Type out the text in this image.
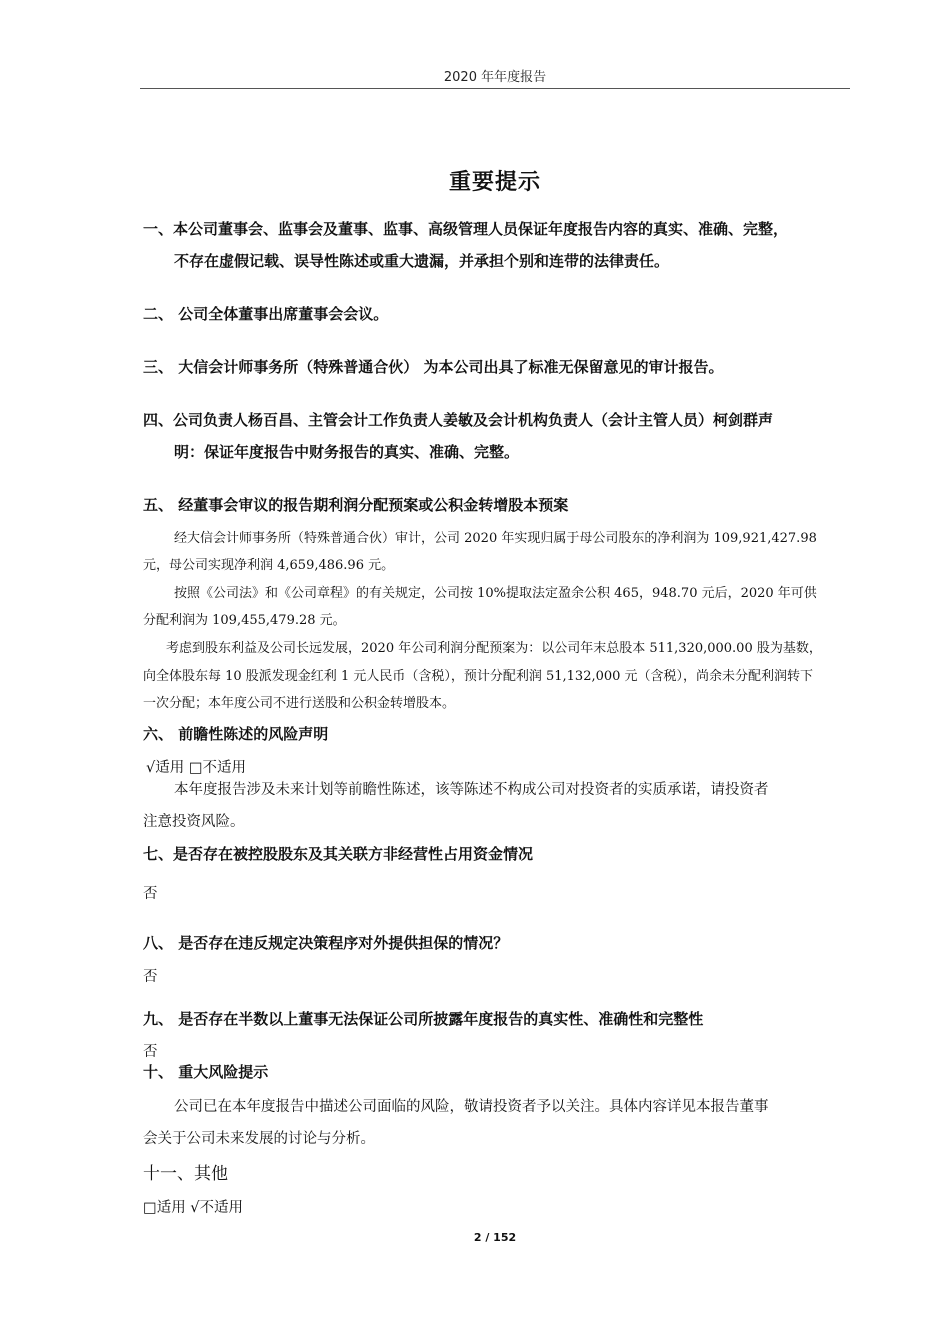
2020 年年度报告
重要提示
一、本公司董事会、监事会及董事、监事、高级管理人员保证年度报告内容的真实、准确、完整，
不存在虚假记载、误导性陈述或重大遗漏，并承担个别和连带的法律责任。
二、 公司全体董事出席董事会会议。
三、 大信会计师事务所（特殊普通合伙） 为本公司出具了标准无保留意见的审计报告。
四、公司负责人杨百昌、主管会计工作负责人姜敏及会计机构负责人（会计主管人员）柯剑群声
明：保证年度报告中财务报告的真实、准确、完整。
五、 经董事会审议的报告期利润分配预案或公积金转增股本预案
经大信会计师事务所（特殊普通合伙）审计，公司 2020 年实现归属于母公司股东的净利润为 109,921,427.98
元，母公司实现净利润 4,659,486.96 元。
按照《公司法》和《公司章程》的有关规定，公司按 10%提取法定盈余公积 465，948.70 元后，2020 年可供
分配利润为 109,455,479.28 元。
考虑到股东利益及公司长远发展，2020 年公司利润分配预案为：以公司年末总股本 511,320,000.00 股为基数，
向全体股东每 10 股派发现金红利 1 元人民币（含税），预计分配利润 51,132,000 元（含税），尚余未分配利润转下
一次分配；本年度公司不进行送股和公积金转增股本。
六、 前瞻性陈述的风险声明
√适用 □不适用
本年度报告涉及未来计划等前瞻性陈述，该等陈述不构成公司对投资者的实质承诺，请投资者
注意投资风险。
七、是否存在被控股股东及其关联方非经营性占用资金情况
否
八、 是否存在违反规定决策程序对外提供担保的情况？
否
九、 是否存在半数以上董事无法保证公司所披露年度报告的真实性、准确性和完整性
否
十、 重大风险提示
公司已在本年度报告中描述公司面临的风险，敬请投资者予以关注。具体内容详见本报告董事
会关于公司未来发展的讨论与分析。
十一、其他
□适用 √不适用
2 / 152
